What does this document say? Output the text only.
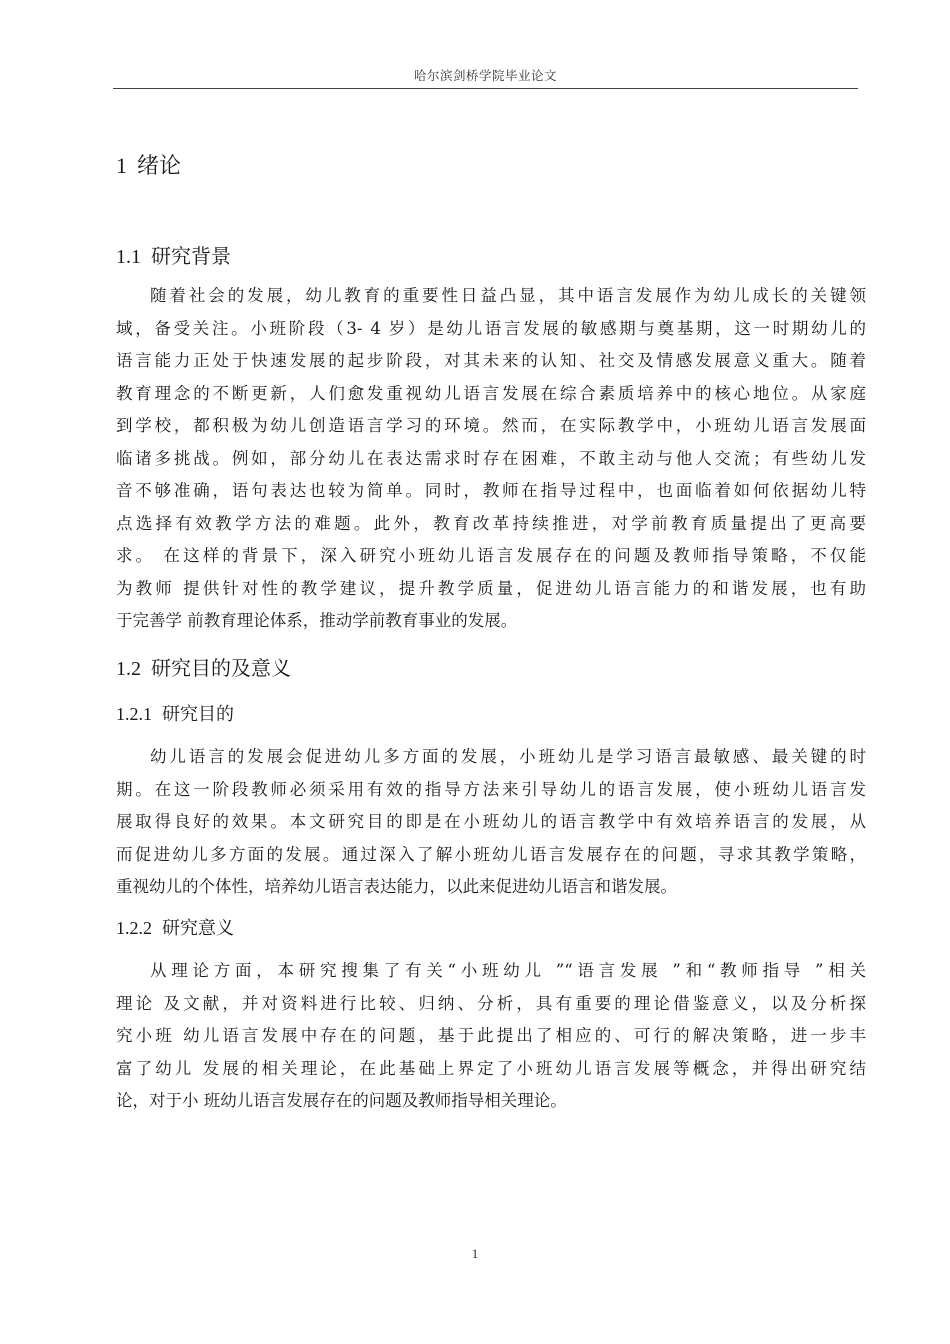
哈尔滨剑桥学院毕业论文
1 绪论
1.1 研究背景
随着社会的发展，幼儿教育的重要性日益凸显，其中语言发展作为幼儿成长的关键领
域，备受关注。小班阶段（3- 4 岁）是幼儿语言发展的敏感期与奠基期，这一时期幼儿的
语言能力正处于快速发展的起步阶段，对其未来的认知、社交及情感发展意义重大。随着
教育理念的不断更新，人们愈发重视幼儿语言发展在综合素质培养中的核心地位。从家庭
到学校，都积极为幼儿创造语言学习的环境。然而，在实际教学中，小班幼儿语言发展面
临诸多挑战。例如，部分幼儿在表达需求时存在困难，不敢主动与他人交流；有些幼儿发
音不够准确，语句表达也较为简单。同时，教师在指导过程中，也面临着如何依据幼儿特
点选择有效教学方法的难题。此外，教育改革持续推进，对学前教育质量提出了更高要
求。 在这样的背景下，深入研究小班幼儿语言发展存在的问题及教师指导策略，不仅能
为教师 提供针对性的教学建议，提升教学质量，促进幼儿语言能力的和谐发展，也有助
于完善学 前教育理论体系，推动学前教育事业的发展。
1.2 研究目的及意义
1.2.1 研究目的
幼儿语言的发展会促进幼儿多方面的发展，小班幼儿是学习语言最敏感、最关键的时
期。在这一阶段教师必须采用有效的指导方法来引导幼儿的语言发展，使小班幼儿语言发
展取得良好的效果。本文研究目的即是在小班幼儿的语言教学中有效培养语言的发展，从
而促进幼儿多方面的发展。通过深入了解小班幼儿语言发展存在的问题，寻求其教学策略，
重视幼儿的个体性，培养幼儿语言表达能力，以此来促进幼儿语言和谐发展。
1.2.2 研究意义
从理论方面，本研究搜集了有关“小班幼儿 ”“语言发展 ”和“教师指导 ”相关
理论 及文献，并对资料进行比较、归纳、分析，具有重要的理论借鉴意义，以及分析探
究小班 幼儿语言发展中存在的问题，基于此提出了相应的、可行的解决策略，进一步丰
富了幼儿 发展的相关理论，在此基础上界定了小班幼儿语言发展等概念，并得出研究结
论，对于小 班幼儿语言发展存在的问题及教师指导相关理论。
1
